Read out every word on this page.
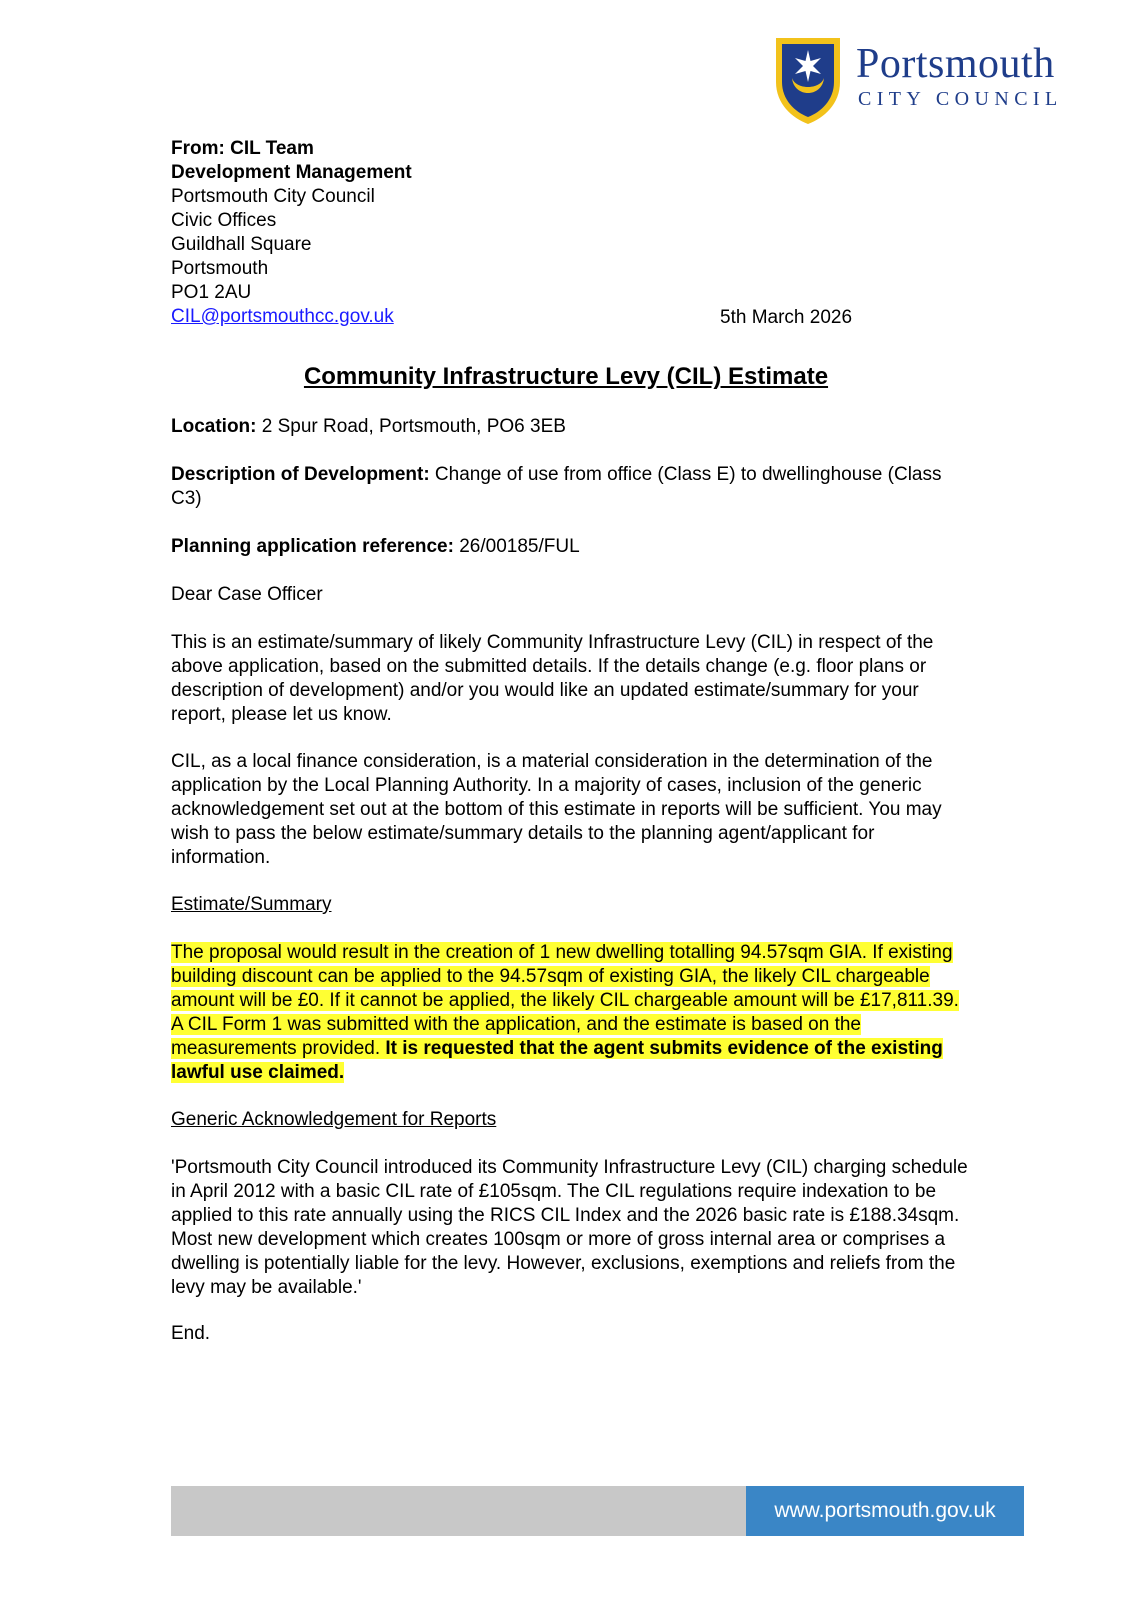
Portsmouth
CITY COUNCIL
From: CIL Team
Development Management
Portsmouth City Council
Civic Offices
Guildhall Square
Portsmouth
PO1 2AU
CIL@portsmouthcc.gov.uk	5th March 2026
Community Infrastructure Levy (CIL) Estimate

Location: 2 Spur Road, Portsmouth, PO6 3EB

Description of Development: Change of use from office (Class E) to dwellinghouse (Class C3)

Planning application reference: 26/00185/FUL

Dear Case Officer
This is an estimate/summary of likely Community Infrastructure Levy (CIL) in respect of the above application, based on the submitted details. If the details change (e.g. floor plans or description of development) and/or you would like an updated estimate/summary for your report, please let us know.
CIL, as a local finance consideration, is a material consideration in the determination of the application by the Local Planning Authority. In a majority of cases, inclusion of the generic acknowledgement set out at the bottom of this estimate in reports will be sufficient. You may wish to pass the below estimate/summary details to the planning agent/applicant for information.
Estimate/Summary

The proposal would result in the creation of 1 new dwelling totalling 94.57sqm GIA. If existing building discount can be applied to the 94.57sqm of existing GIA, the likely CIL chargeable amount will be £0. If it cannot be applied, the likely CIL chargeable amount will be £17,811.39. A CIL Form 1 was submitted with the application, and the estimate is based on the measurements provided. It is requested that the agent submits evidence of the existing lawful use claimed.

Generic Acknowledgement for Reports
'Portsmouth City Council introduced its Community Infrastructure Levy (CIL) charging schedule in April 2012 with a basic CIL rate of £105sqm. The CIL regulations require indexation to be applied to this rate annually using the RICS CIL Index and the 2026 basic rate is £188.34sqm. Most new development which creates 100sqm or more of gross internal area or comprises a dwelling is potentially liable for the levy. However, exclusions, exemptions and reliefs from the levy may be available.'
End.
www.portsmouth.gov.uk
